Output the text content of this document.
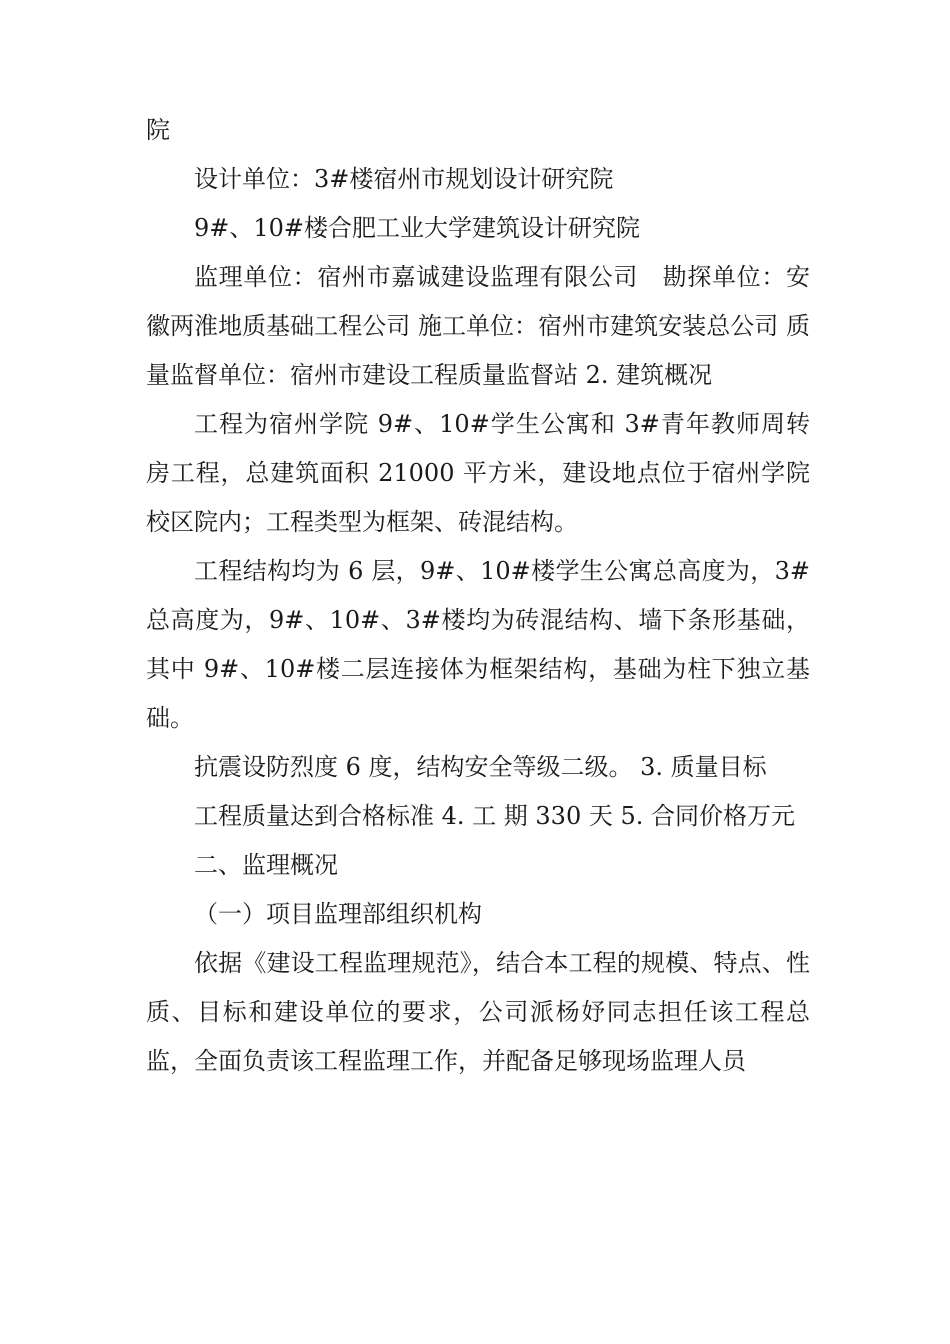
院

设计单位：3#楼宿州市规划设计研究院

9#、10#楼合肥工业大学建筑设计研究院

监理单位：宿州市嘉诚建设监理有限公司　勘探单位：安徽两淮地质基础工程公司 施工单位：宿州市建筑安装总公司 质量监督单位：宿州市建设工程质量监督站 2. 建筑概况

工程为宿州学院 9#、10#学生公寓和 3#青年教师周转房工程，总建筑面积 21000 平方米，建设地点位于宿州学院校区院内；工程类型为框架、砖混结构。

工程结构均为 6 层，9#、10#楼学生公寓总高度为，3#总高度为，9#、10#、3#楼均为砖混结构、墙下条形基础，其中 9#、10#楼二层连接体为框架结构，基础为柱下独立基础。

抗震设防烈度 6 度，结构安全等级二级。 3. 质量目标

工程质量达到合格标准 4. 工 期 330 天 5. 合同价格万元

二、监理概况

（一）项目监理部组织机构

依据《建设工程监理规范》，结合本工程的规模、特点、性质、目标和建设单位的要求，公司派杨妤同志担任该工程总监，全面负责该工程监理工作，并配备足够现场监理人员
